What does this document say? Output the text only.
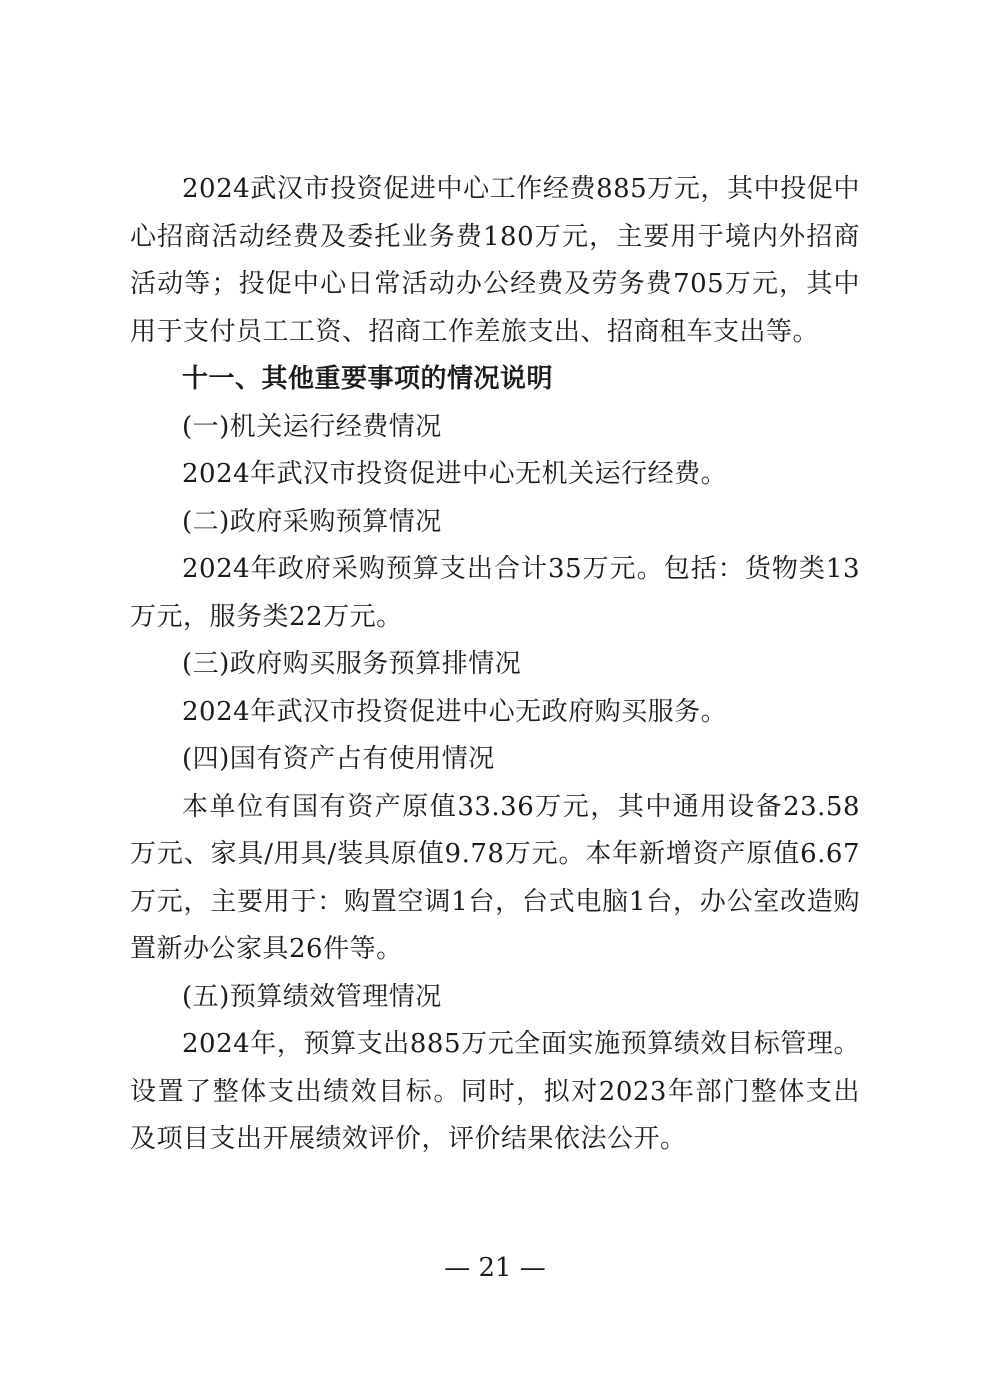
2024武汉市投资促进中心工作经费885万元，其中投促中心招商活动经费及委托业务费180万元，主要用于境内外招商活动等；投促中心日常活动办公经费及劳务费705万元，其中用于支付员工工资、招商工作差旅支出、招商租车支出等。

十一、其他重要事项的情况说明

(一)机关运行经费情况

2024年武汉市投资促进中心无机关运行经费。

(二)政府采购预算情况

2024年政府采购预算支出合计35万元。包括：货物类13万元，服务类22万元。

(三)政府购买服务预算排情况

2024年武汉市投资促进中心无政府购买服务。

(四)国有资产占有使用情况

本单位有国有资产原值33.36万元，其中通用设备23.58万元、家具/用具/装具原值9.78万元。本年新增资产原值6.67万元，主要用于：购置空调1台，台式电脑1台，办公室改造购置新办公家具26件等。

(五)预算绩效管理情况

2024年，预算支出885万元全面实施预算绩效目标管理。设置了整体支出绩效目标。同时，拟对2023年部门整体支出及项目支出开展绩效评价，评价结果依法公开。

— 21 —
